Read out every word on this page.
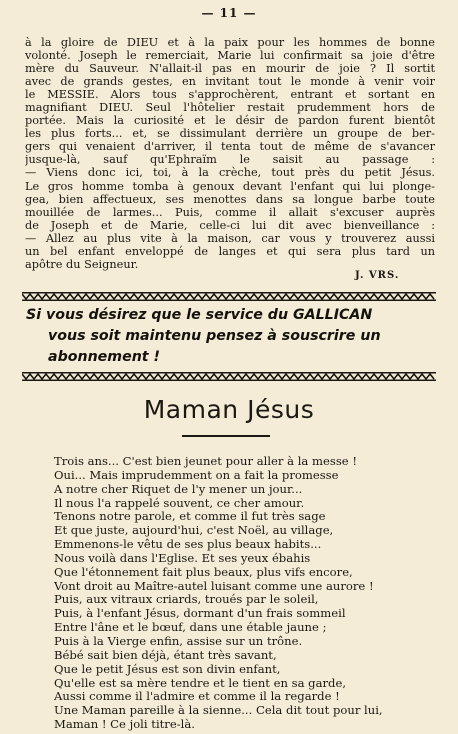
— 11 —
à la gloire de DIEU et à la paix pour les hommes de bonne
volonté. Joseph le remerciait, Marie lui confirmait sa joie d'être
mère du Sauveur. N'allait-il pas en mourir de joie ? Il sortit
avec de grands gestes, en invitant tout le monde à venir voir
le MESSIE. Alors tous s'approchèrent, entrant et sortant en
magnifiant DIEU. Seul l'hôtelier restait prudemment hors de
portée. Mais la curiosité et le désir de pardon furent bientôt
les plus forts... et, se dissimulant derrière un groupe de ber-
gers qui venaient d'arriver, il tenta tout de même de s'avancer
jusque-là, sauf qu'Ephraïm le saisit au passage :
— Viens donc ici, toi, à la crèche, tout près du petit Jésus.
Le gros homme tomba à genoux devant l'enfant qui lui plonge-
gea, bien affectueux, ses menottes dans sa longue barbe toute
mouillée de larmes... Puis, comme il allait s'excuser auprès
de Joseph et de Marie, celle-ci lui dit avec bienveillance :
— Allez au plus vite à la maison, car vous y trouverez aussi
un bel enfant enveloppé de langes et qui sera plus tard un
apôtre du Seigneur.
J. VRS.
Si vous désirez que le service du GALLICAN
vous soit maintenu pensez à souscrire un
abonnement !
Maman Jésus
Trois ans... C'est bien jeunet pour aller à la messe !
Oui... Mais imprudemment on a fait la promesse
A notre cher Riquet de l'y mener un jour...
Il nous l'a rappelé souvent, ce cher amour.
Tenons notre parole, et comme il fut très sage
Et que juste, aujourd'hui, c'est Noël, au village,
Emmenons-le vêtu de ses plus beaux habits...
Nous voilà dans l'Eglise. Et ses yeux ébahis
Que l'étonnement fait plus beaux, plus vifs encore,
Vont droit au Maître-autel luisant comme une aurore !
Puis, aux vitraux criards, troués par le soleil,
Puis, à l'enfant Jésus, dormant d'un frais sommeil
Entre l'âne et le bœuf, dans une étable jaune ;
Puis à la Vierge enfin, assise sur un trône.
Bébé sait bien déjà, étant très savant,
Que le petit Jésus est son divin enfant,
Qu'elle est sa mère tendre et le tient en sa garde,
Aussi comme il l'admire et comme il la regarde !
Une Maman pareille à la sienne... Cela dit tout pour lui,
Maman ! Ce joli titre-là.
